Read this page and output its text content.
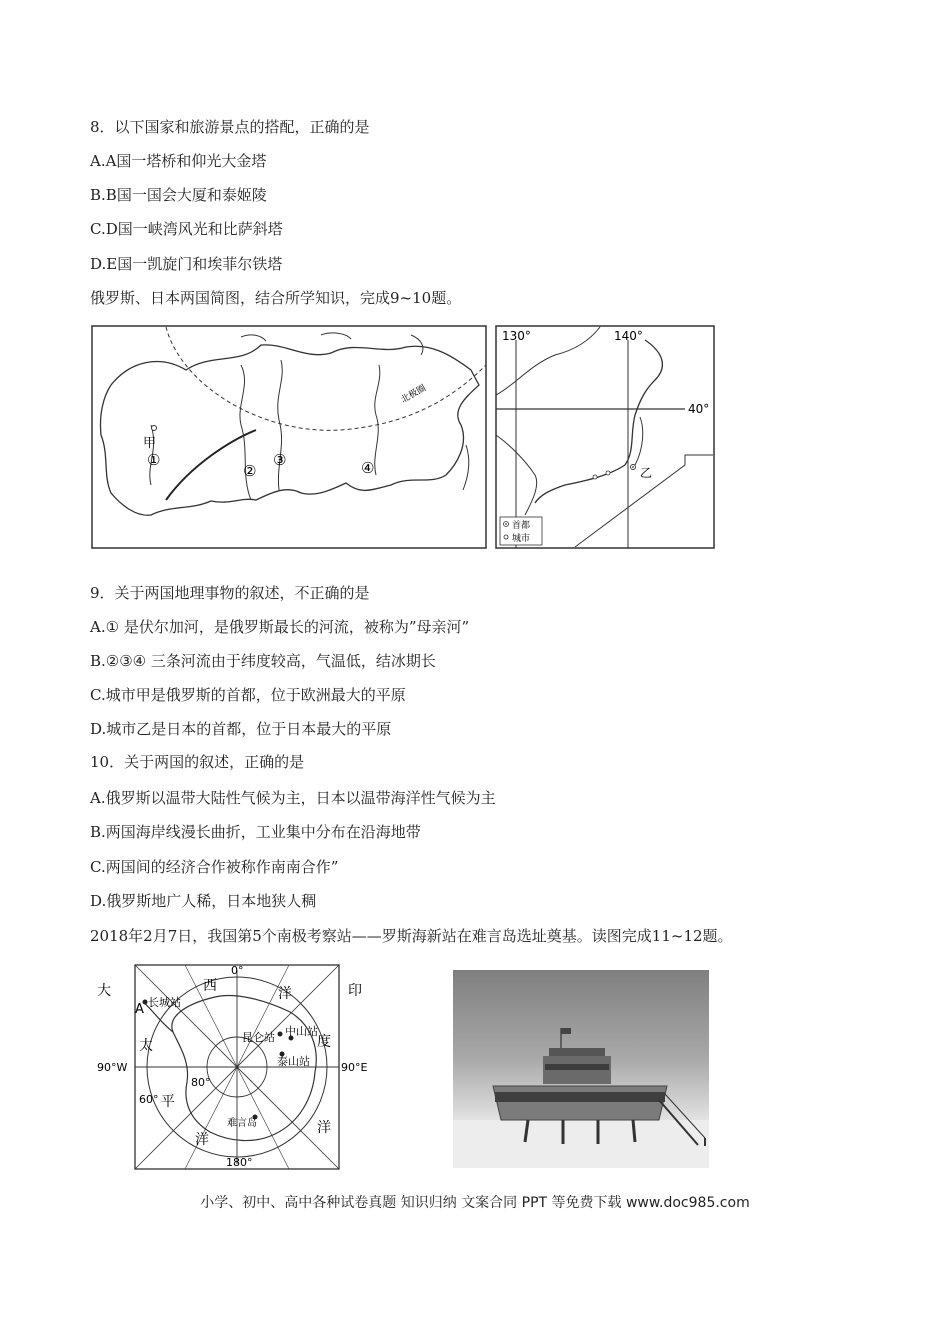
8．以下国家和旅游景点的搭配，正确的是
A.A国一塔桥和仰光大金塔
B.B国一国会大厦和泰姬陵
C.D国一峡湾风光和比萨斜塔
D.E国一凯旋门和埃菲尔铁塔
俄罗斯、日本两国简图，结合所学知识，完成9~10题。
北极圈
甲
①
②
③	④
130°	140°
40°
乙
首都
城市
9．关于两国地理事物的叙述，不正确的是
A.① 是伏尔加河，是俄罗斯最长的河流，被称为”母亲河”
B.②③④ 三条河流由于纬度较高，气温低，结冰期长
C.城市甲是俄罗斯的首都，位于欧洲最大的平原
D.城市乙是日本的首都，位于日本最大的平原
10．关于两国的叙述，正确的是
A.俄罗斯以温带大陆性气候为主，日本以温带海洋性气候为主
B.两国海岸线漫长曲折，工业集中分布在沿海地带
C.两国间的经济合作被称作南南合作”
D.俄罗斯地广人稀，日本地狭人稠
2018年2月7日，我国第5个南极考察站——罗斯海新站在难言岛选址奠基。读图完成11~12题。
大	西	洋	印
太
平
洋
度
洋
0°
180°
90°W	90°E
60°
80°
A 长城站
昆仑站 中山站
泰山站
难言岛
小学、初中、高中各种试卷真题 知识归纳 文案合同 PPT 等免费下载 www.doc985.com
